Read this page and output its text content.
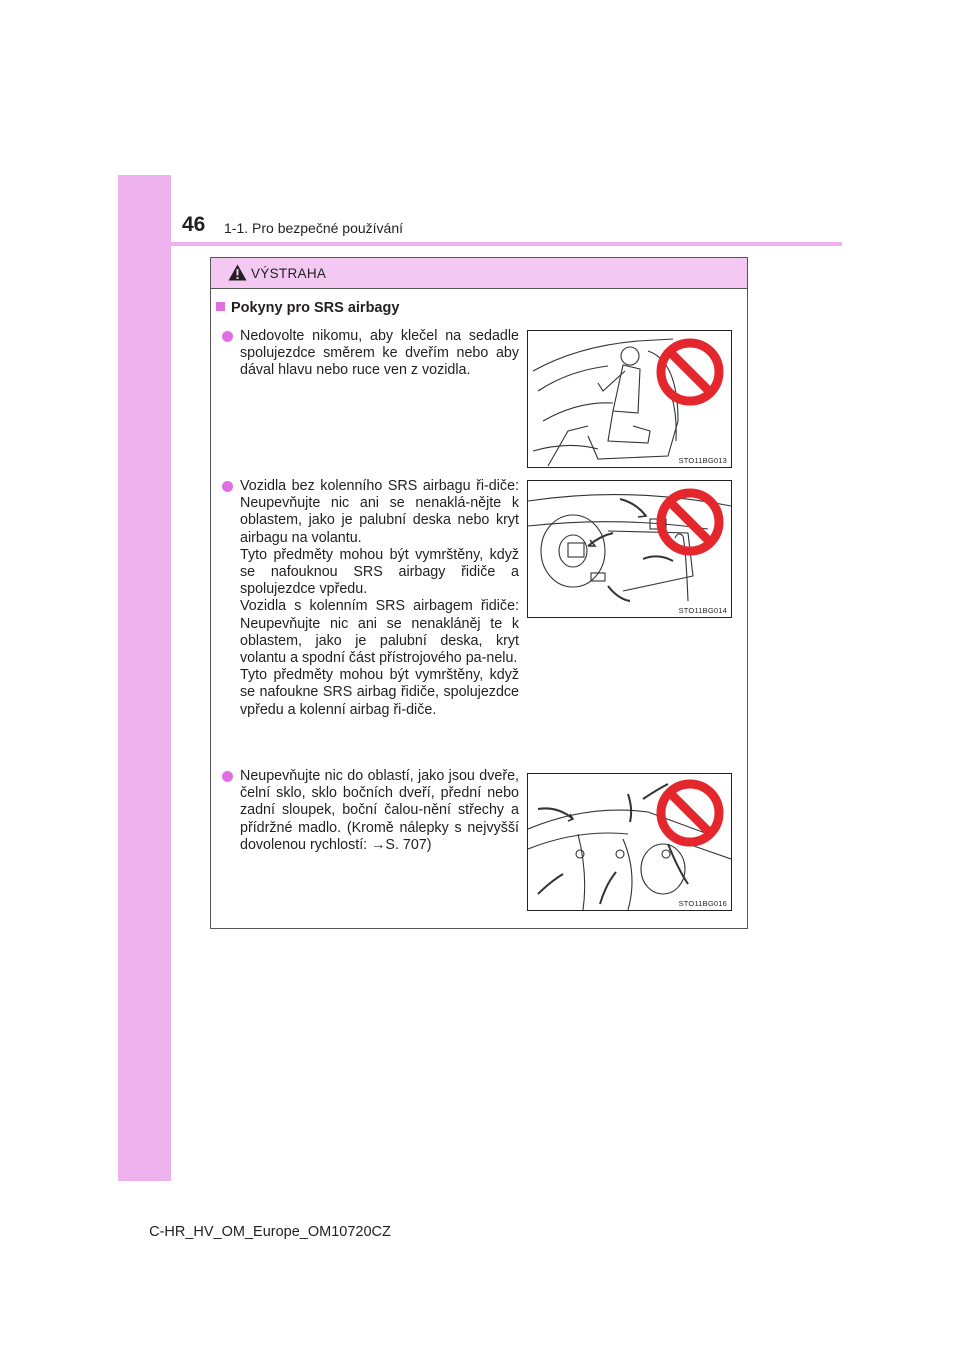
46 1-1. Pro bezpečné používání
VÝSTRAHA
Pokyny pro SRS airbagy
Nedovolte nikomu, aby klečel na sedadle spolujezdce směrem ke dveřím nebo aby dával hlavu nebo ruce ven z vozidla.
STO11BG013
Vozidla bez kolenního SRS airbagu ři-diče: Neupevňujte nic ani se nenaklá-nějte k oblastem, jako je palubní deska nebo kryt airbagu na volantu.
Tyto předměty mohou být vymrštěny, když se nafouknou SRS airbagy řidiče a spolujezdce vpředu.
Vozidla s kolenním SRS airbagem řidiče: Neupevňujte nic ani se nenakláněj te k oblastem, jako je palubní deska, kryt volantu a spodní část přístrojového pa-nelu.
Tyto předměty mohou být vymrštěny, když se nafoukne SRS airbag řidiče, spolujezdce vpředu a kolenní airbag ři-diče.
STO11BG014
Neupevňujte nic do oblastí, jako jsou dveře, čelní sklo, sklo bočních dveří, přední nebo zadní sloupek, boční čalou-nění střechy a přídržné madlo. (Kromě nálepky s nejvyšší dovolenou rychlostí: →S. 707)
STO11BG016
C-HR_HV_OM_Europe_OM10720CZ
